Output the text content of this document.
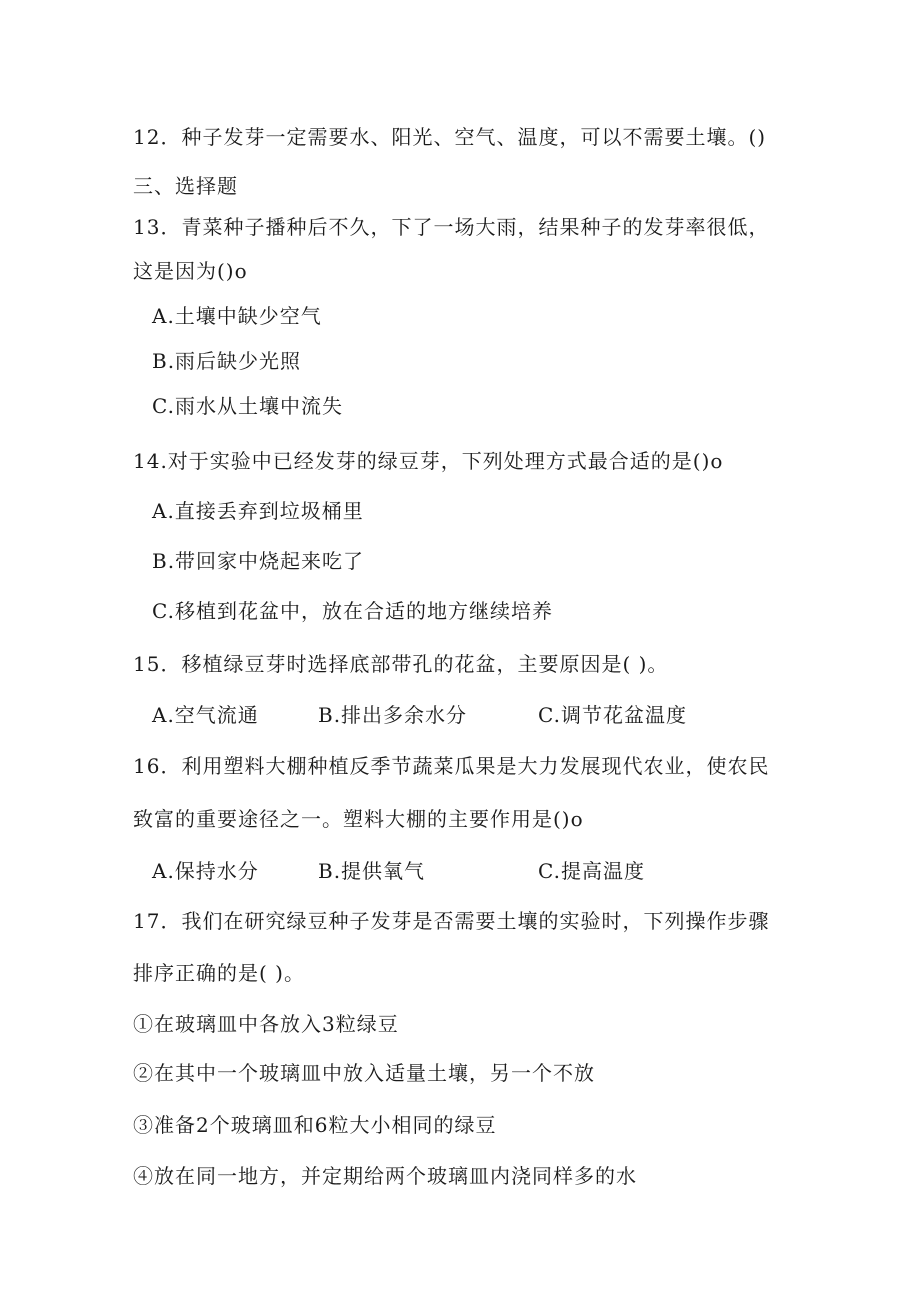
12．种子发芽一定需要水、阳光、空气、温度，可以不需要土壤。()
三、选择题
13．青菜种子播种后不久，下了一场大雨，结果种子的发芽率很低，
这是因为()o
A.土壤中缺少空气
B.雨后缺少光照
C.雨水从土壤中流失
14.对于实验中已经发芽的绿豆芽，下列处理方式最合适的是()o
A.直接丢弃到垃圾桶里
B.带回家中烧起来吃了
C.移植到花盆中，放在合适的地方继续培养
15．移植绿豆芽时选择底部带孔的花盆，主要原因是( )。
A.空气流通	B.排出多余水分	C.调节花盆温度
16．利用塑料大棚种植反季节蔬菜瓜果是大力发展现代农业，使农民
致富的重要途径之一。塑料大棚的主要作用是()o
A.保持水分	B.提供氧气	C.提高温度
17．我们在研究绿豆种子发芽是否需要土壤的实验时，下列操作步骤
排序正确的是( )。
①在玻璃皿中各放入3粒绿豆
②在其中一个玻璃皿中放入适量土壤，另一个不放
③准备2个玻璃皿和6粒大小相同的绿豆
④放在同一地方，并定期给两个玻璃皿内浇同样多的水
